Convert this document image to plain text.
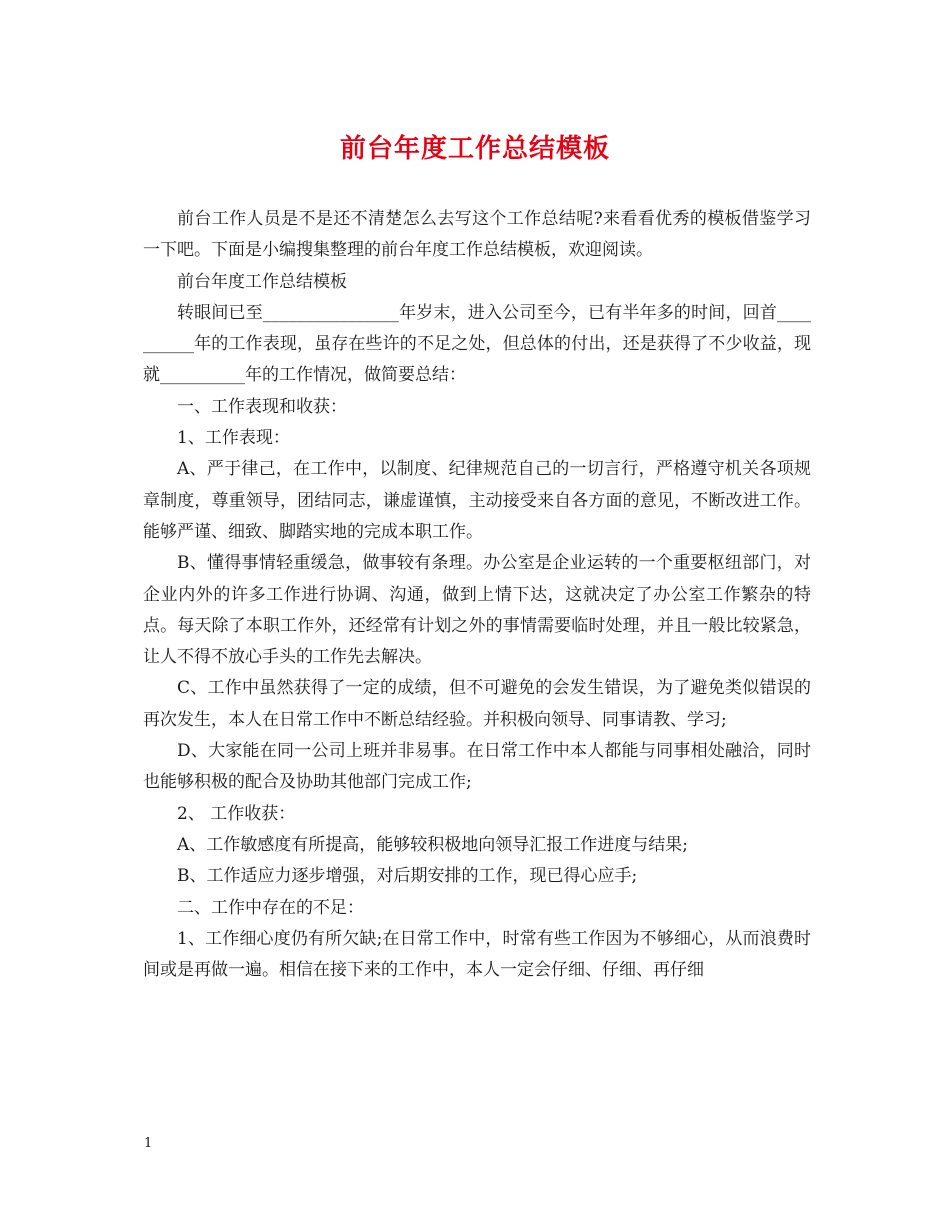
前台年度工作总结模板

前台工作人员是不是还不清楚怎么去写这个工作总结呢?来看看优秀的模板借鉴学习一下吧。下面是小编搜集整理的前台年度工作总结模板，欢迎阅读。

前台年度工作总结模板

转眼间已至________________年岁末，进入公司至今，已有半年多的时间，回首__________年的工作表现，虽存在些许的不足之处，但总体的付出，还是获得了不少收益，现就__________年的工作情况，做简要总结：

一、工作表现和收获：

1、工作表现：

A、严于律己，在工作中，以制度、纪律规范自己的一切言行，严格遵守机关各项规章制度，尊重领导，团结同志，谦虚谨慎，主动接受来自各方面的意见，不断改进工作。能够严谨、细致、脚踏实地的完成本职工作。

B、懂得事情轻重缓急，做事较有条理。办公室是企业运转的一个重要枢纽部门，对企业内外的许多工作进行协调、沟通，做到上情下达，这就决定了办公室工作繁杂的特点。每天除了本职工作外，还经常有计划之外的事情需要临时处理，并且一般比较紧急，让人不得不放心手头的工作先去解决。

C、工作中虽然获得了一定的成绩，但不可避免的会发生错误，为了避免类似错误的再次发生，本人在日常工作中不断总结经验。并积极向领导、同事请教、学习;

D、大家能在同一公司上班并非易事。在日常工作中本人都能与同事相处融洽，同时也能够积极的配合及协助其他部门完成工作;

2、 工作收获：

A、工作敏感度有所提高，能够较积极地向领导汇报工作进度与结果;

B、工作适应力逐步增强，对后期安排的工作，现已得心应手;

二、工作中存在的不足：

1、工作细心度仍有所欠缺;在日常工作中，时常有些工作因为不够细心，从而浪费时间或是再做一遍。相信在接下来的工作中，本人一定会仔细、仔细、再仔细

1
